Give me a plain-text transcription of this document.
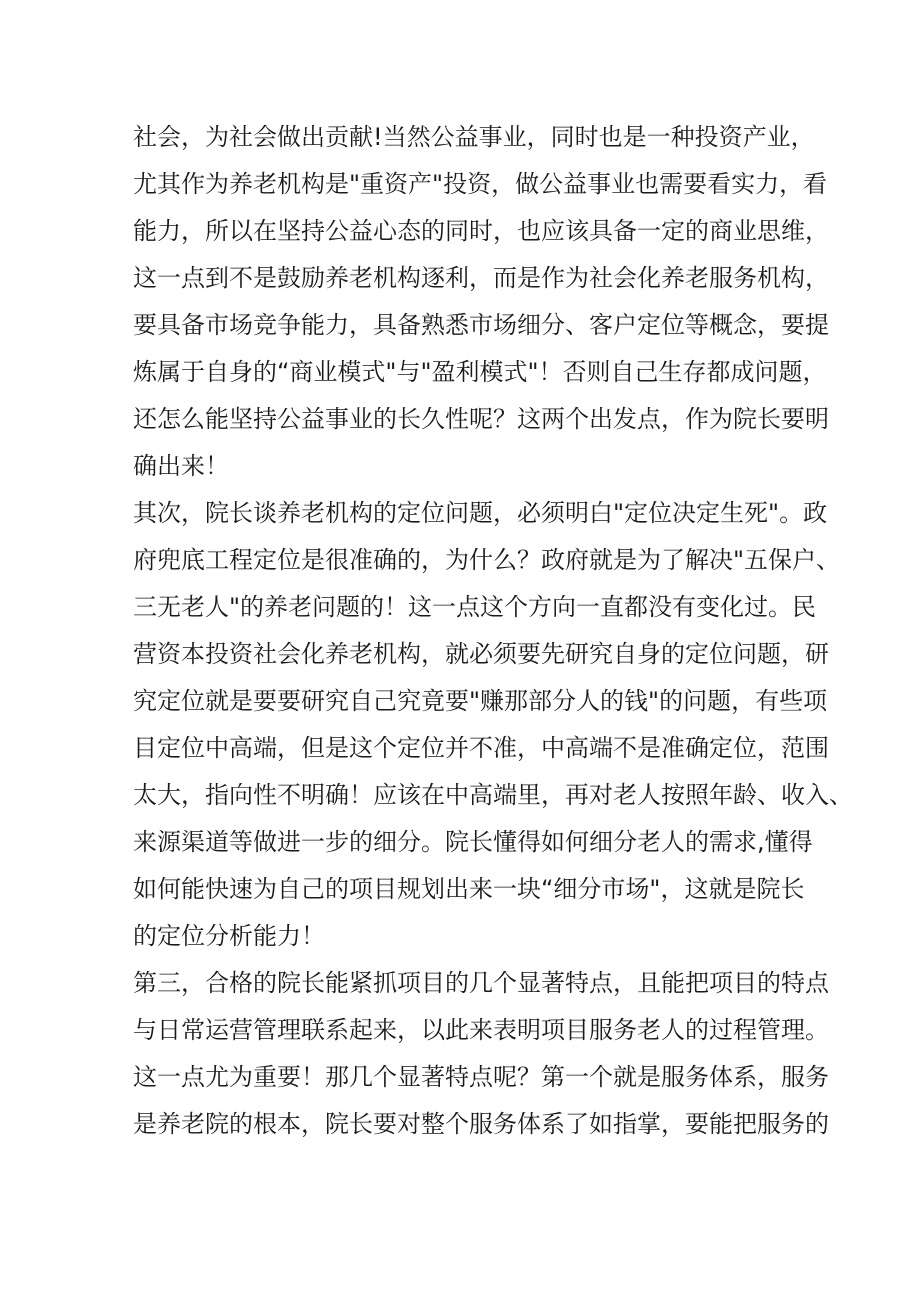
社会，为社会做出贡献!当然公益事业，同时也是一种投资产业，
尤其作为养老机构是"重资产"投资，做公益事业也需要看实力，看
能力，所以在坚持公益心态的同时，也应该具备一定的商业思维，
这一点到不是鼓励养老机构逐利，而是作为社会化养老服务机构，
要具备市场竞争能力，具备熟悉市场细分、客户定位等概念，要提
炼属于自身的“商业模式"与"盈利模式"！否则自己生存都成问题，
还怎么能坚持公益事业的长久性呢？这两个出发点，作为院长要明
确出来！
其次，院长谈养老机构的定位问题，必须明白"定位决定生死"。政
府兜底工程定位是很准确的，为什么？政府就是为了解决"五保户、
三无老人"的养老问题的！这一点这个方向一直都没有变化过。民
营资本投资社会化养老机构，就必须要先研究自身的定位问题，研
究定位就是要要研究自己究竟要"赚那部分人的钱"的问题，有些项
目定位中高端，但是这个定位并不准，中高端不是准确定位，范围
太大，指向性不明确！应该在中高端里，再对老人按照年龄、收入、
来源渠道等做进一步的细分。院长懂得如何细分老人的需求,懂得
如何能快速为自己的项目规划出来一块“细分市场"，这就是院长
的定位分析能力！
第三，合格的院长能紧抓项目的几个显著特点，且能把项目的特点
与日常运营管理联系起来，以此来表明项目服务老人的过程管理。
这一点尤为重要！那几个显著特点呢？第一个就是服务体系，服务
是养老院的根本，院长要对整个服务体系了如指掌，要能把服务的
